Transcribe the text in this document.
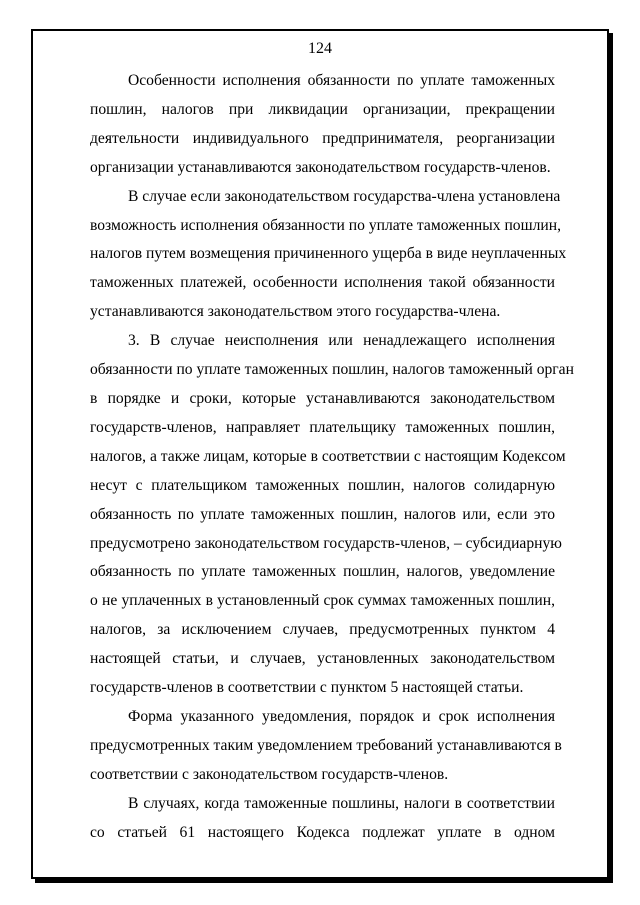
124
Особенности исполнения обязанности по уплате таможенных
пошлин, налогов при ликвидации организации, прекращении
деятельности индивидуального предпринимателя, реорганизации
организации устанавливаются законодательством государств-членов.
В случае если законодательством государства-члена установлена
возможность исполнения обязанности по уплате таможенных пошлин,
налогов путем возмещения причиненного ущерба в виде неуплаченных
таможенных платежей, особенности исполнения такой обязанности
устанавливаются законодательством этого государства-члена.
3. В случае неисполнения или ненадлежащего исполнения
обязанности по уплате таможенных пошлин, налогов таможенный орган
в порядке и сроки, которые устанавливаются законодательством
государств-членов, направляет плательщику таможенных пошлин,
налогов, а также лицам, которые в соответствии с настоящим Кодексом
несут с плательщиком таможенных пошлин, налогов солидарную
обязанность по уплате таможенных пошлин, налогов или, если это
предусмотрено законодательством государств-членов, – субсидиарную
обязанность по уплате таможенных пошлин, налогов, уведомление
о не уплаченных в установленный срок суммах таможенных пошлин,
налогов, за исключением случаев, предусмотренных пунктом 4
настоящей статьи, и случаев, установленных законодательством
государств-членов в соответствии с пунктом 5 настоящей статьи.
Форма указанного уведомления, порядок и срок исполнения
предусмотренных таким уведомлением требований устанавливаются в
соответствии с законодательством государств-членов.
В случаях, когда таможенные пошлины, налоги в соответствии
со статьей 61 настоящего Кодекса подлежат уплате в одном
